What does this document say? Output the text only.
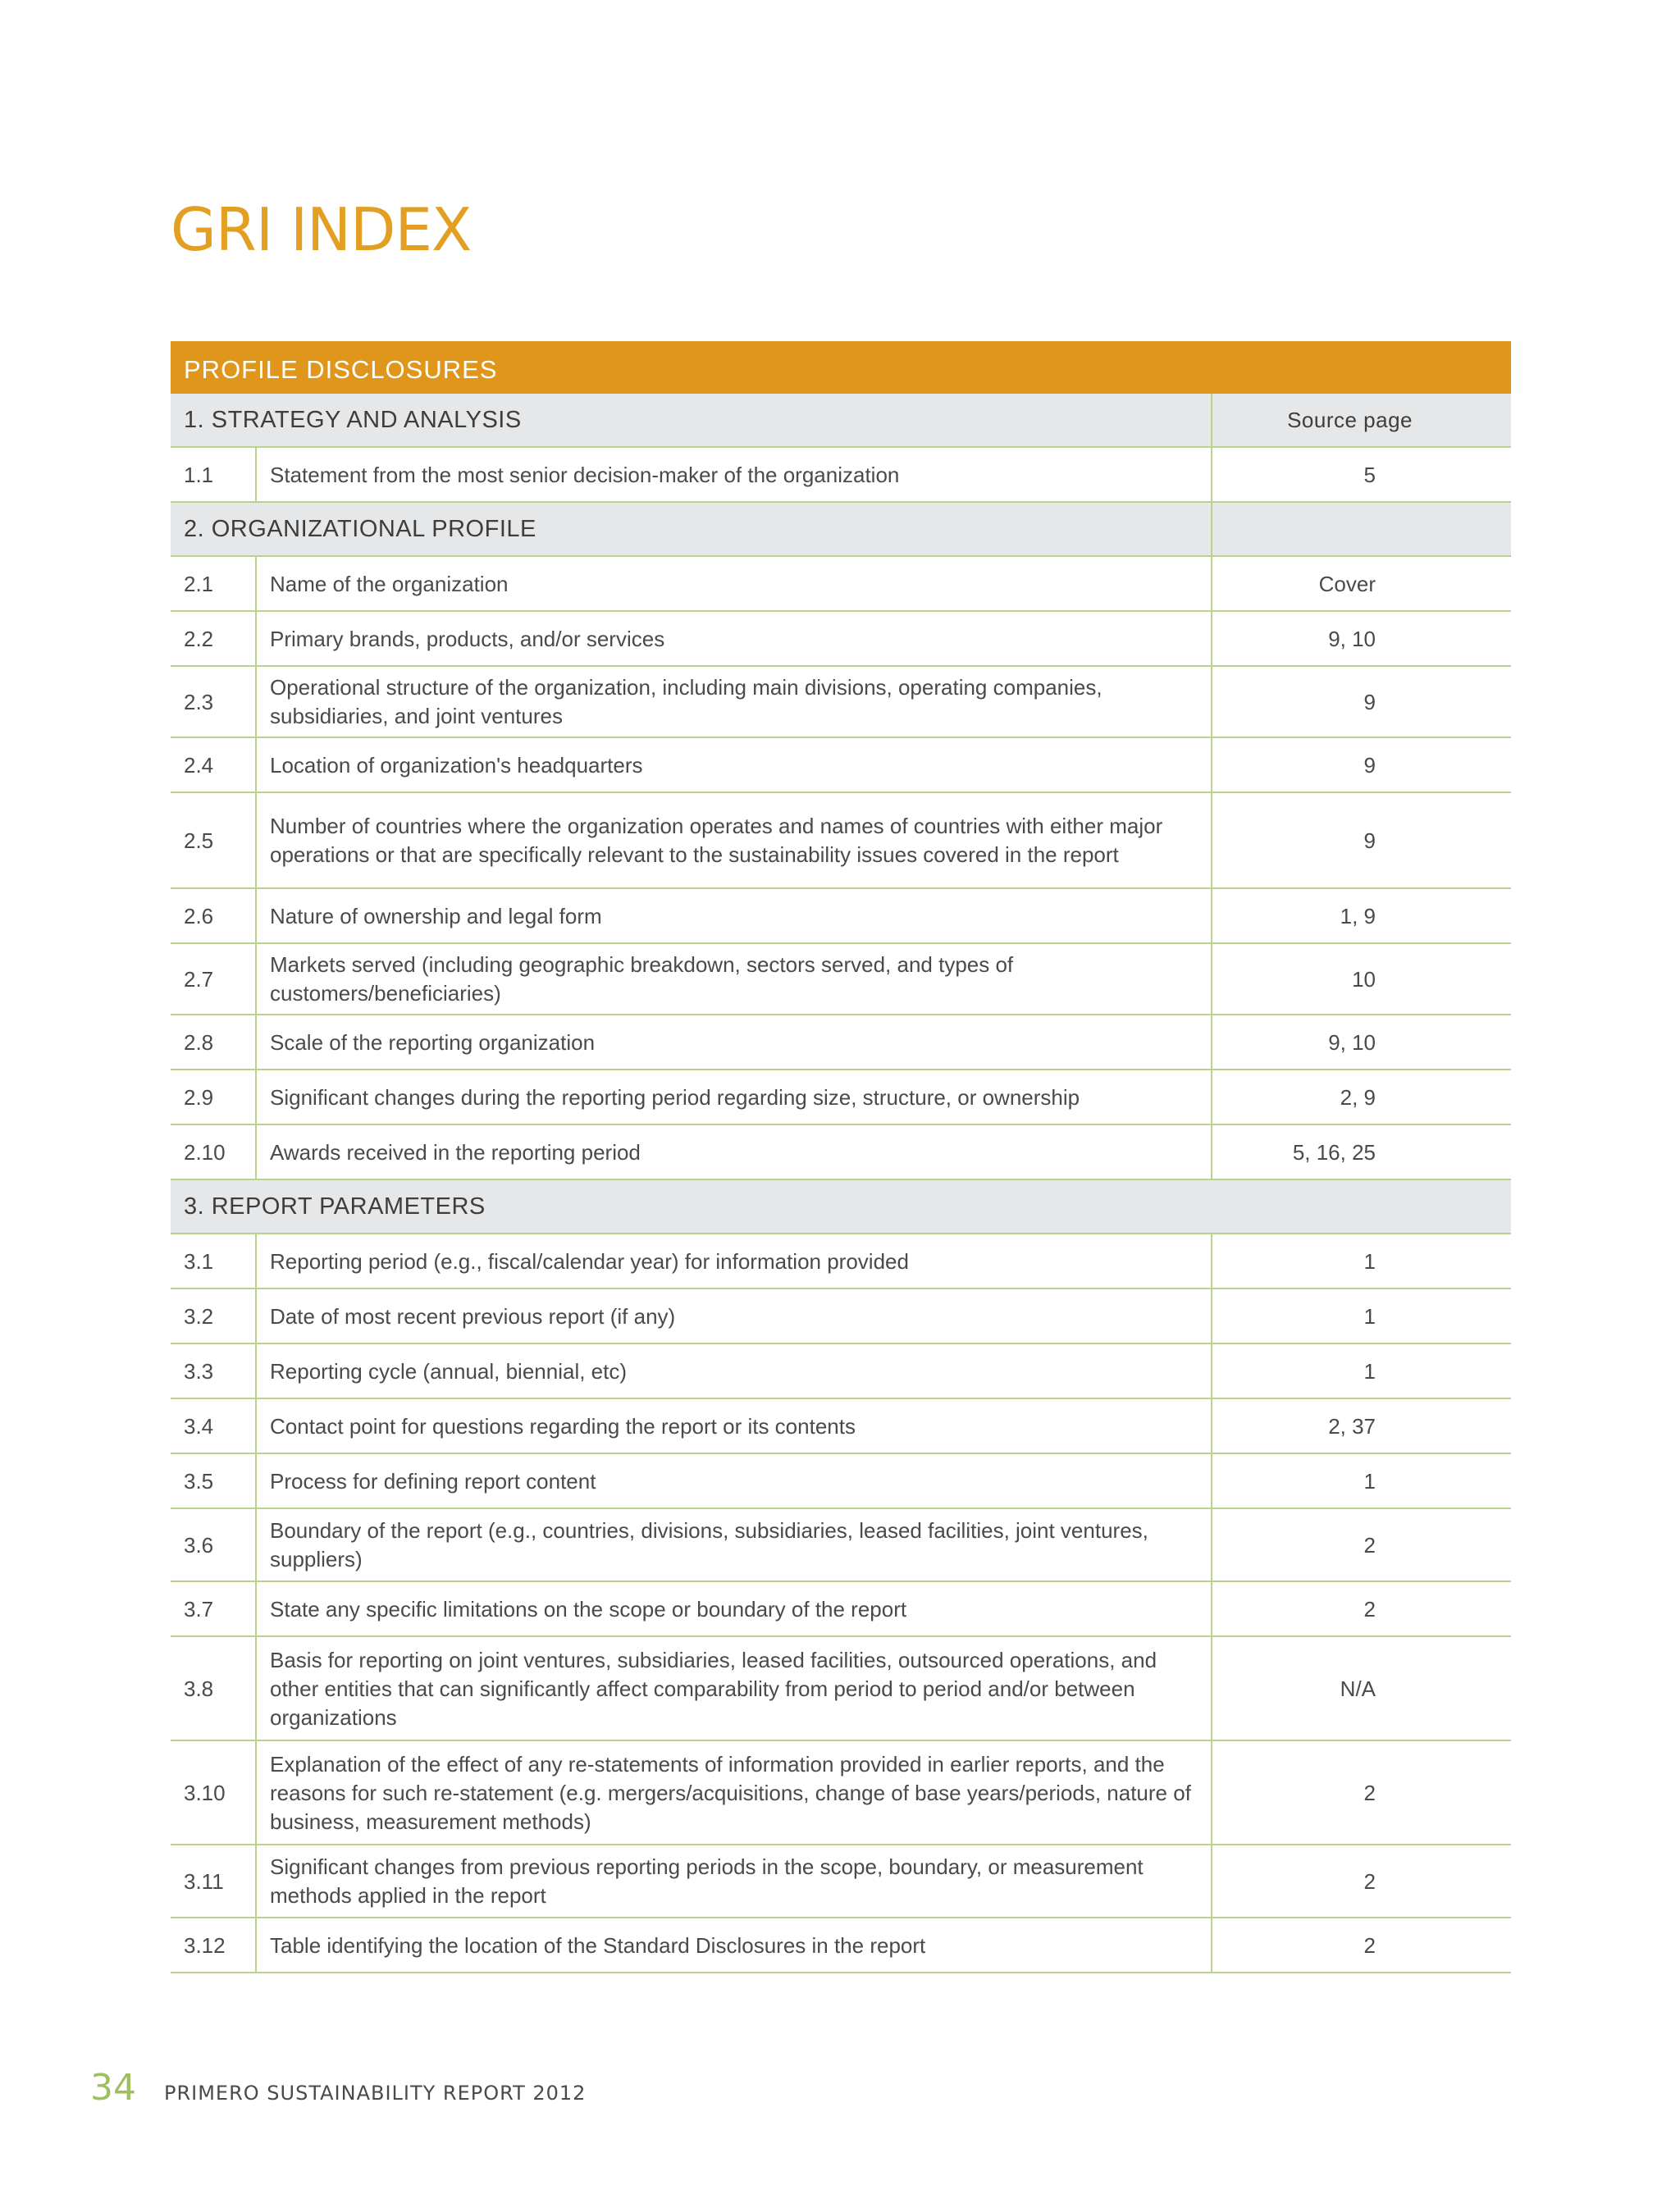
GRI INDEX
PROFILE DISCLOSURES		
1. STRATEGY AND ANALYSIS		Source page
1.1	Statement from the most senior decision-maker of the organization	5
2. ORGANIZATIONAL PROFILE		
2.1	Name of the organization	Cover
2.2	Primary brands, products, and/or services	9, 10
2.3	Operational structure of the organization, including main divisions, operating companies, subsidiaries, and joint ventures	9
2.4	Location of organization's headquarters	9
2.5	Number of countries where the organization operates and names of countries with either major operations or that are specifically relevant to the sustainability issues covered in the report	9
2.6	Nature of ownership and legal form	1, 9
2.7	Markets served (including geographic breakdown, sectors served, and types of customers/beneficiaries)	10
2.8	Scale of the reporting organization	9, 10
2.9	Significant changes during the reporting period regarding size, structure, or ownership	2, 9
2.10	Awards received in the reporting period	5, 16, 25
3. REPORT PARAMETERS		
3.1	Reporting period (e.g., fiscal/calendar year) for information provided	1
3.2	Date of most recent previous report (if any)	1
3.3	Reporting cycle (annual, biennial, etc)	1
3.4	Contact point for questions regarding the report or its contents	2, 37
3.5	Process for defining report content	1
3.6	Boundary of the report (e.g., countries, divisions, subsidiaries, leased facilities, joint ventures, suppliers)	2
3.7	State any specific limitations on the scope or boundary of the report	2
3.8	Basis for reporting on joint ventures, subsidiaries, leased facilities, outsourced operations, and other entities that can significantly affect comparability from period to period and/or between organizations	N/A
3.10	Explanation of the effect of any re-statements of information provided in earlier reports, and the reasons for such re-statement (e.g. mergers/acquisitions, change of base years/periods, nature of business, measurement methods)	2
3.11	Significant changes from previous reporting periods in the scope, boundary, or measurement methods applied in the report	2
3.12	Table identifying the location of the Standard Disclosures in the report	2
34 PRIMERO SUSTAINABILITY REPORT 2012
